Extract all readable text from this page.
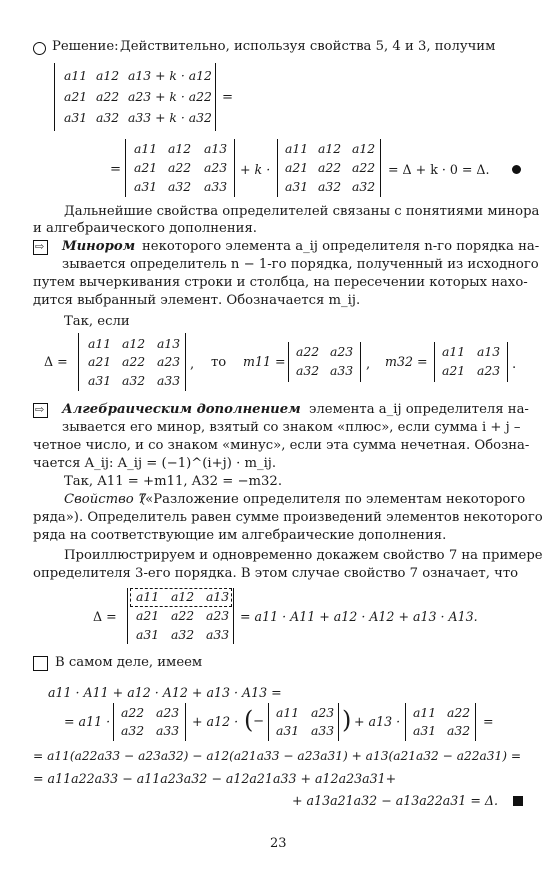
Решение: Действительно, используя свойства 5, 4 и 3, получим
a11 a12 a13 + k · a12
a21 a22 a23 + k · a22
a31 a32 a33 + k · a32
=
=
a11 a12 a13
a21 a22 a23
a31 a32 a33
+ k ·
a11 a12 a12
a21 a22 a22
a31 a32 a32
= Δ + k · 0 = Δ.
Дальнейшие свойства определителей связаны с понятиями минора
и алгебраического дополнения.
⇨ Минором некоторого элемента a_ij определителя n-го порядка на-
зывается определитель n − 1-го порядка, полученный из исходного
путем вычеркивания строки и столбца, на пересечении которых нахо-
дится выбранный элемент. Обозначается m_ij.
Так, если
Δ =
a11 a12 a13
a21 a22 a23
a31 a32 a33
, то m11 =
a22 a23
a32 a33 , m32 =
a11 a13
a21 a23 .
⇨ Алгебраическим дополнением элемента a_ij определителя на-
зывается его минор, взятый со знаком «плюс», если сумма i + j –
четное число, и со знаком «минус», если эта сумма нечетная. Обозна-
чается A_ij: A_ij = (−1)^(i+j) · m_ij.
Так, A11 = +m11, A32 = −m32.
Свойство 7
(«Разложение определителя по элементам некоторого
ряда»). Определитель равен сумме произведений элементов некоторого
ряда на соответствующие им алгебраические дополнения.
Проиллюстрируем и одновременно докажем свойство 7 на примере
определителя 3-его порядка. В этом случае свойство 7 означает, что
Δ =
a11 a12 a13
a21 a22 a23
a31 a32 a33
= a11 · A11 + a12 · A12 + a13 · A13.
В самом деле, имеем
a11 · A11 + a12 · A12 + a13 · A13 =
= a11 ·
a22 a23
a32 a33
+ a12 · ( −
a11 a23
a31 a33 ) + a13 ·
a11 a22
a31 a32
=
= a11(a22a33 − a23a32) − a12(a21a33 − a23a31) + a13(a21a32 − a22a31) =
= a11a22a33 − a11a23a32 − a12a21a33 + a12a23a31+
+ a13a21a32 − a13a22a31 = Δ.
23
